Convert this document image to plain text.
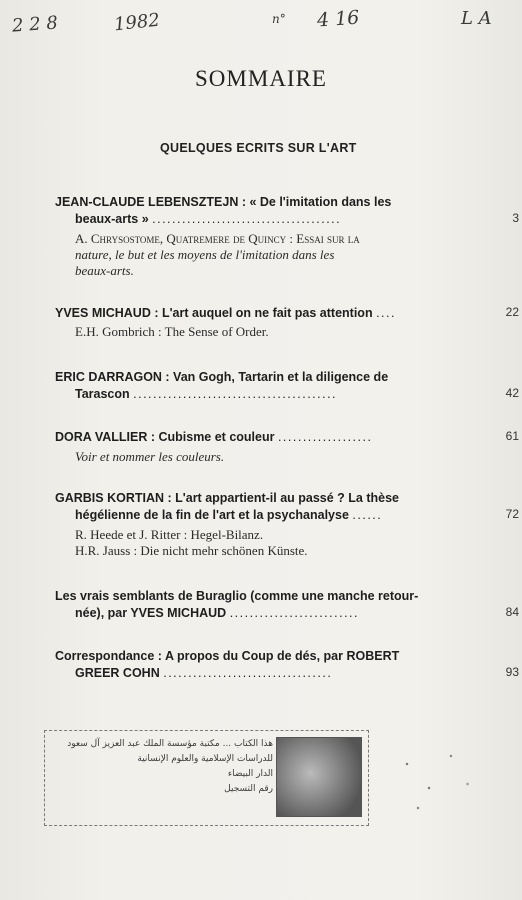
2 2 8	1982	n° 4 16	L A
SOMMAIRE
QUELQUES ECRITS SUR L'ART
JEAN-CLAUDE LEBENSZTEJN : « De l'imitation dans les
beaux-arts » ......................................	3
A. Chrysostome, Quatremere de Quincy : Essai sur la
nature, le but et les moyens de l'imitation dans les
beaux-arts.
YVES MICHAUD : L'art auquel on ne fait pas attention ....	22
E.H. Gombrich : The Sense of Order.
ERIC DARRAGON : Van Gogh, Tartarin et la diligence de
Tarascon .........................................	42
DORA VALLIER : Cubisme et couleur ...................	61
Voir et nommer les couleurs.
GARBIS KORTIAN : L'art appartient-il au passé ? La thèse
hégélienne de la fin de l'art et la psychanalyse ......	72
R. Heede et J. Ritter : Hegel-Bilanz.
H.R. Jauss : Die nicht mehr schönen Künste.
Les vrais semblants de Buraglio (comme une manche retour-
née), par YVES MICHAUD ..........................	84
Correspondance : A propos du Coup de dés, par ROBERT
GREER COHN ..................................	93
هذا الكتاب ... مكتبة مؤسسة الملك عبد العزيز آل سعود
للدراسات الإسلامية والعلوم الإنسانية
الدار البيضاء
رقم التسجيل
